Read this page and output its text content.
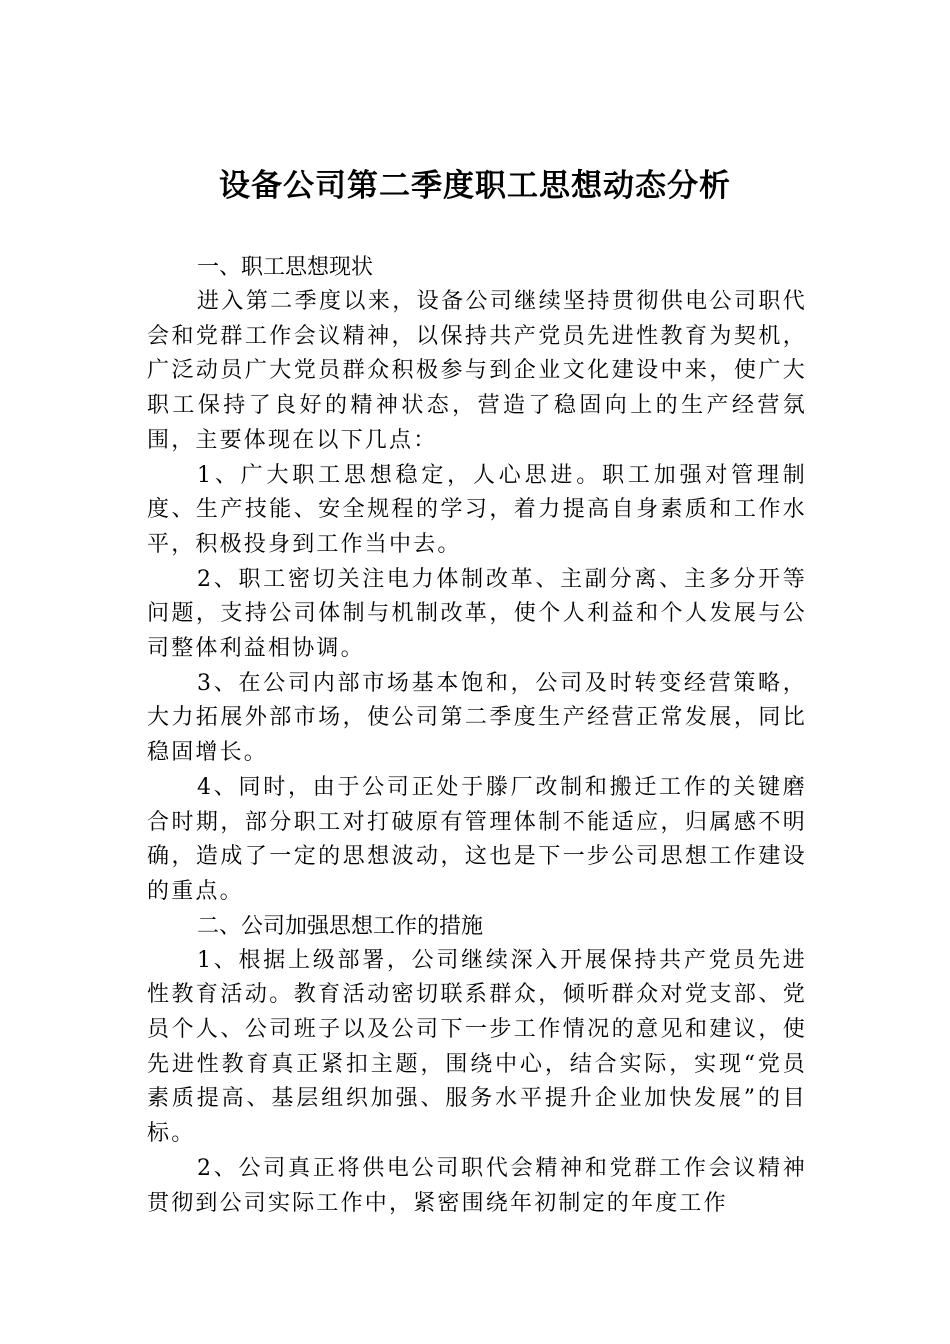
设备公司第二季度职工思想动态分析

一、职工思想现状

进入第二季度以来，设备公司继续坚持贯彻供电公司职代会和党群工作会议精神，以保持共产党员先进性教育为契机，广泛动员广大党员群众积极参与到企业文化建设中来，使广大职工保持了良好的精神状态，营造了稳固向上的生产经营氛围，主要体现在以下几点：

1、广大职工思想稳定，人心思进。职工加强对管理制度、生产技能、安全规程的学习，着力提高自身素质和工作水平，积极投身到工作当中去。

2、职工密切关注电力体制改革、主副分离、主多分开等问题，支持公司体制与机制改革，使个人利益和个人发展与公司整体利益相协调。

3、在公司内部市场基本饱和，公司及时转变经营策略，大力拓展外部市场，使公司第二季度生产经营正常发展，同比稳固增长。

4、同时，由于公司正处于滕厂改制和搬迁工作的关键磨合时期，部分职工对打破原有管理体制不能适应，归属感不明确，造成了一定的思想波动，这也是下一步公司思想工作建设的重点。

二、公司加强思想工作的措施

1、根据上级部署，公司继续深入开展保持共产党员先进性教育活动。教育活动密切联系群众，倾听群众对党支部、党员个人、公司班子以及公司下一步工作情况的意见和建议，使先进性教育真正紧扣主题，围绕中心，结合实际，实现“党员素质提高、基层组织加强、服务水平提升企业加快发展”的目标。

2、公司真正将供电公司职代会精神和党群工作会议精神贯彻到公司实际工作中，紧密围绕年初制定的年度工作
